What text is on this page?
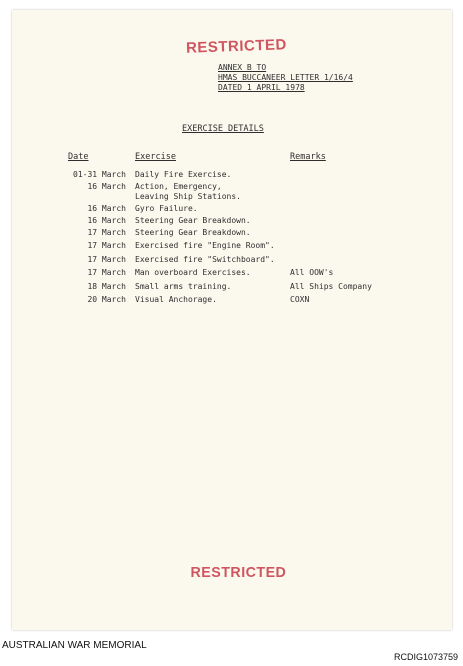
RESTRICTED
ANNEX B TO
HMAS BUCCANEER LETTER 1/16/4
DATED 1 APRIL 1978
EXERCISE DETAILS
Date	Exercise	Remarks
01-31 March Daily Fire Exercise.
16 March Action, Emergency,
Leaving Ship Stations.
16 March Gyro Failure.
16 March Steering Gear Breakdown.
17 March Steering Gear Breakdown.
17 March Exercised fire "Engine Room".
17 March Exercised fire "Switchboard".
17 March Man overboard Exercises.	All OOW's
18 March Small arms training.	All Ships Company
20 March Visual Anchorage.	COXN
RESTRICTED
AUSTRALIAN WAR MEMORIAL
RCDIG1073759
